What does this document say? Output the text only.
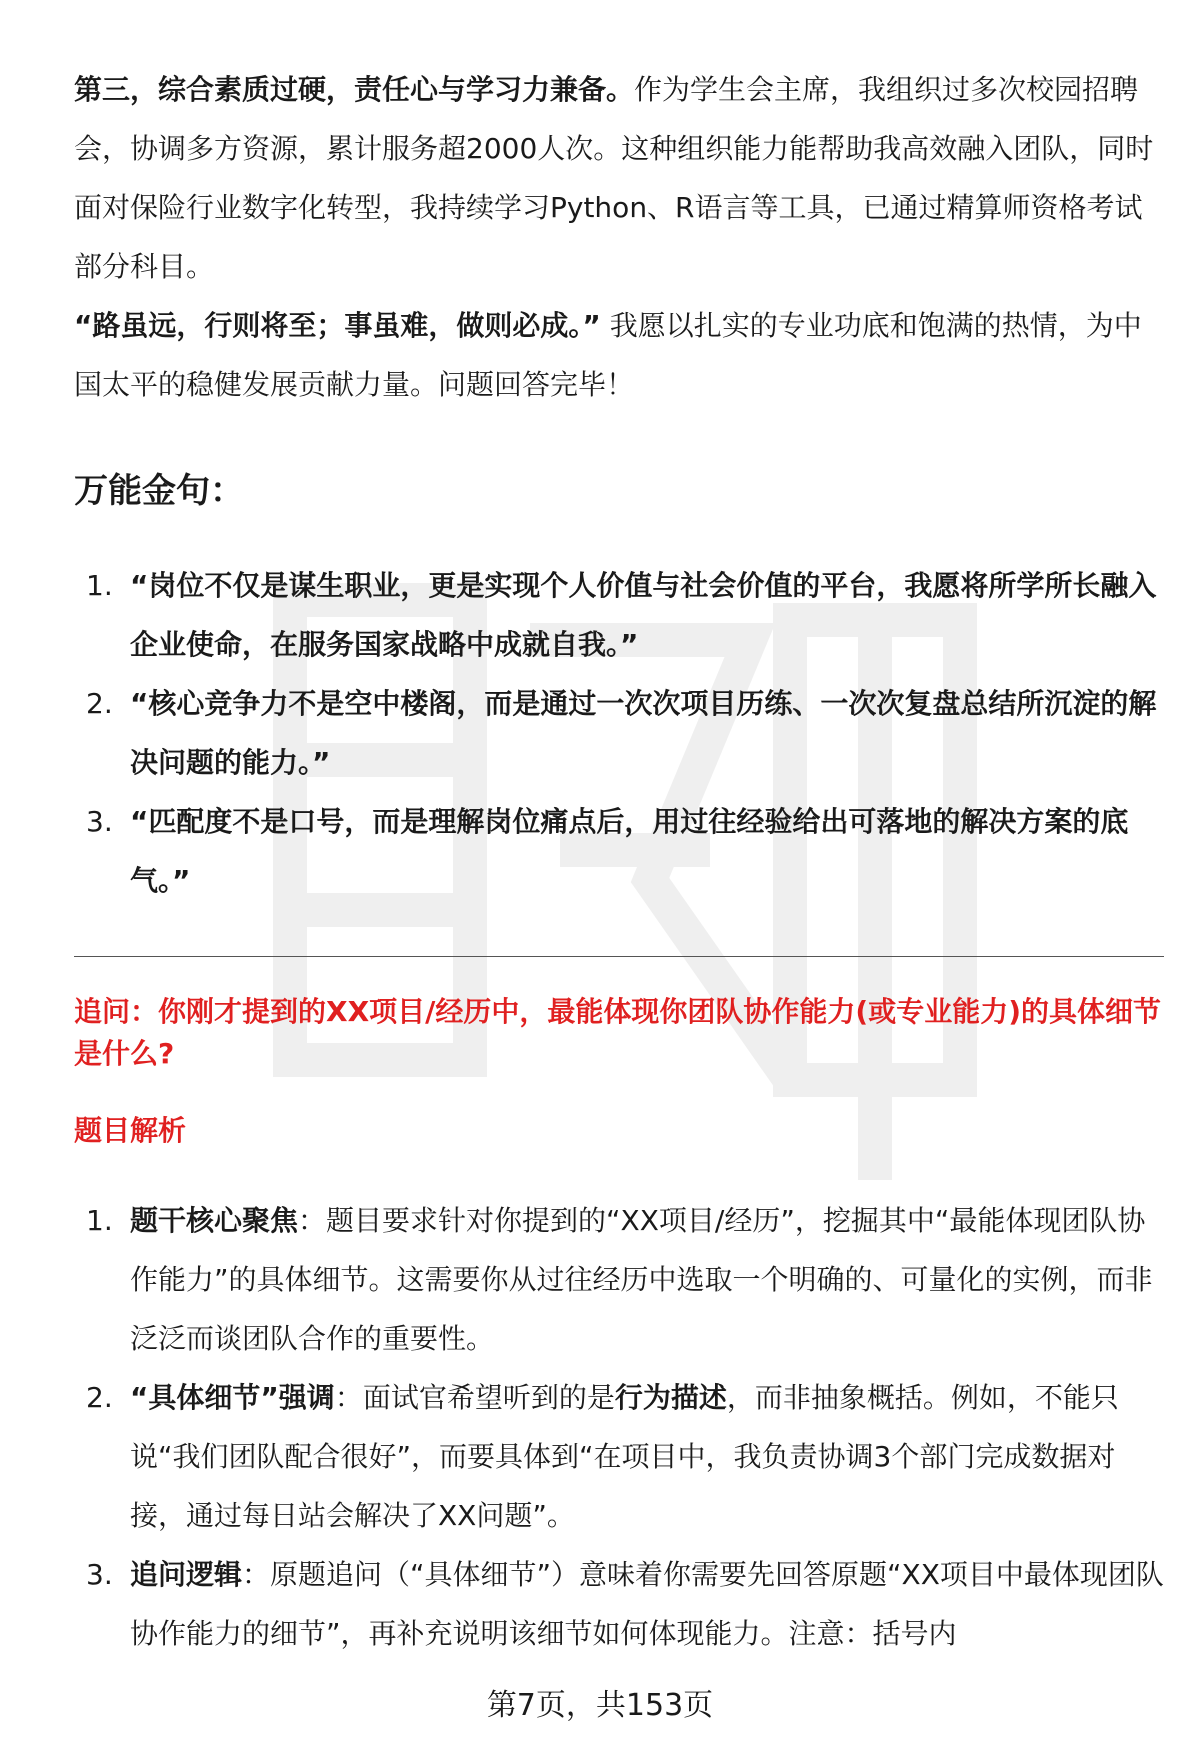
第三，综合素质过硬，责任心与学习力兼备。作为学生会主席，我组织过多次校园招聘会，协调多方资源，累计服务超2000人次。这种组织能力能帮助我高效融入团队，同时面对保险行业数字化转型，我持续学习Python、R语言等工具，已通过精算师资格考试部分科目。

“路虽远，行则将至；事虽难，做则必成。” 我愿以扎实的专业功底和饱满的热情，为中国太平的稳健发展贡献力量。问题回答完毕！

万能金句：
1. “岗位不仅是谋生职业，更是实现个人价值与社会价值的平台，我愿将所学所长融入企业使命，在服务国家战略中成就自我。”
2. “核心竞争力不是空中楼阁，而是通过一次次项目历练、一次次复盘总结所沉淀的解决问题的能力。”
3. “匹配度不是口号，而是理解岗位痛点后，用过往经验给出可落地的解决方案的底气。”

追问：你刚才提到的XX项目/经历中，最能体现你团队协作能力(或专业能力)的具体细节是什么?

题目解析
1. 题干核心聚焦：题目要求针对你提到的“XX项目/经历”，挖掘其中“最能体现团队协作能力”的具体细节。这需要你从过往经历中选取一个明确的、可量化的实例，而非泛泛而谈团队合作的重要性。
2. “具体细节”强调：面试官希望听到的是行为描述，而非抽象概括。例如，不能只说“我们团队配合很好”，而要具体到“在项目中，我负责协调3个部门完成数据对接，通过每日站会解决了XX问题”。
3. 追问逻辑：原题追问（“具体细节”）意味着你需要先回答原题“XX项目中最体现团队协作能力的细节”，再补充说明该细节如何体现能力。注意：括号内
第7页，共153页
